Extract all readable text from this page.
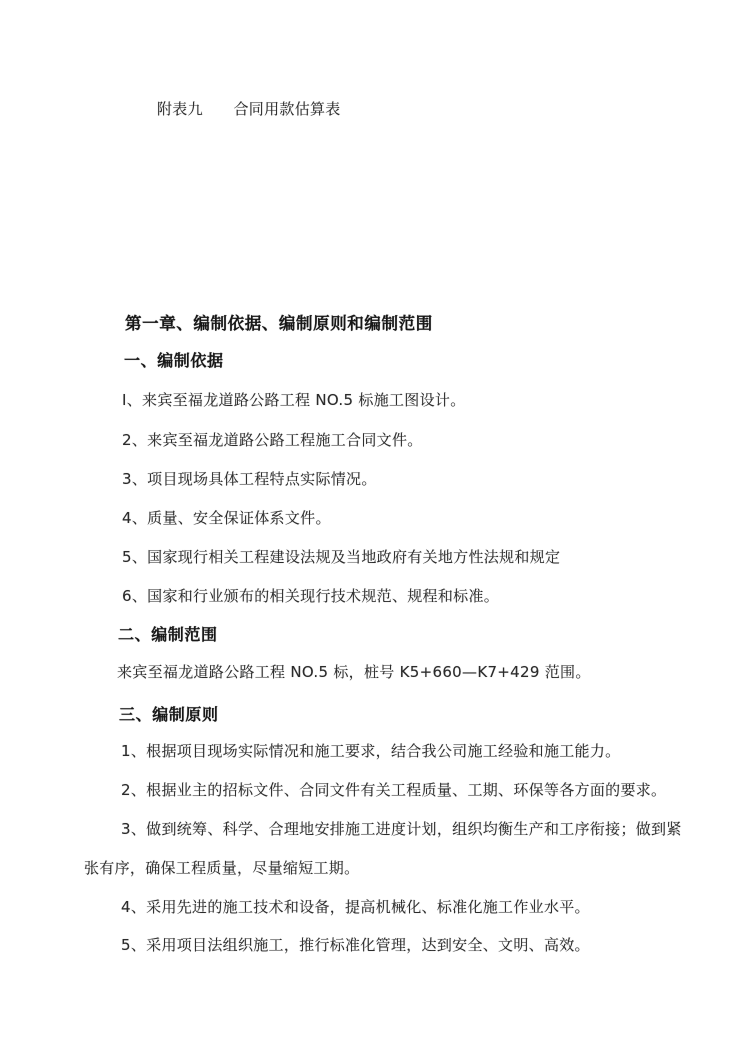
附表九　　合同用款估算表
第一章、编制依据、编制原则和编制范围
一、编制依据
I、来宾至福龙道路公路工程 NO.5 标施工图设计。
2、来宾至福龙道路公路工程施工合同文件。
3、项目现场具体工程特点实际情况。
4、质量、安全保证体系文件。
5、国家现行相关工程建设法规及当地政府有关地方性法规和规定
6、国家和行业颁布的相关现行技术规范、规程和标准。
二、编制范围
来宾至福龙道路公路工程 NO.5 标，桩号 K5+660—K7+429 范围。
三、编制原则
1、根据项目现场实际情况和施工要求，结合我公司施工经验和施工能力。
2、根据业主的招标文件、合同文件有关工程质量、工期、环保等各方面的要求。
3、做到统筹、科学、合理地安排施工进度计划，组织均衡生产和工序衔接；做到紧
张有序，确保工程质量，尽量缩短工期。
4、采用先进的施工技术和设备，提高机械化、标准化施工作业水平。
5、采用项目法组织施工，推行标准化管理，达到安全、文明、高效。
